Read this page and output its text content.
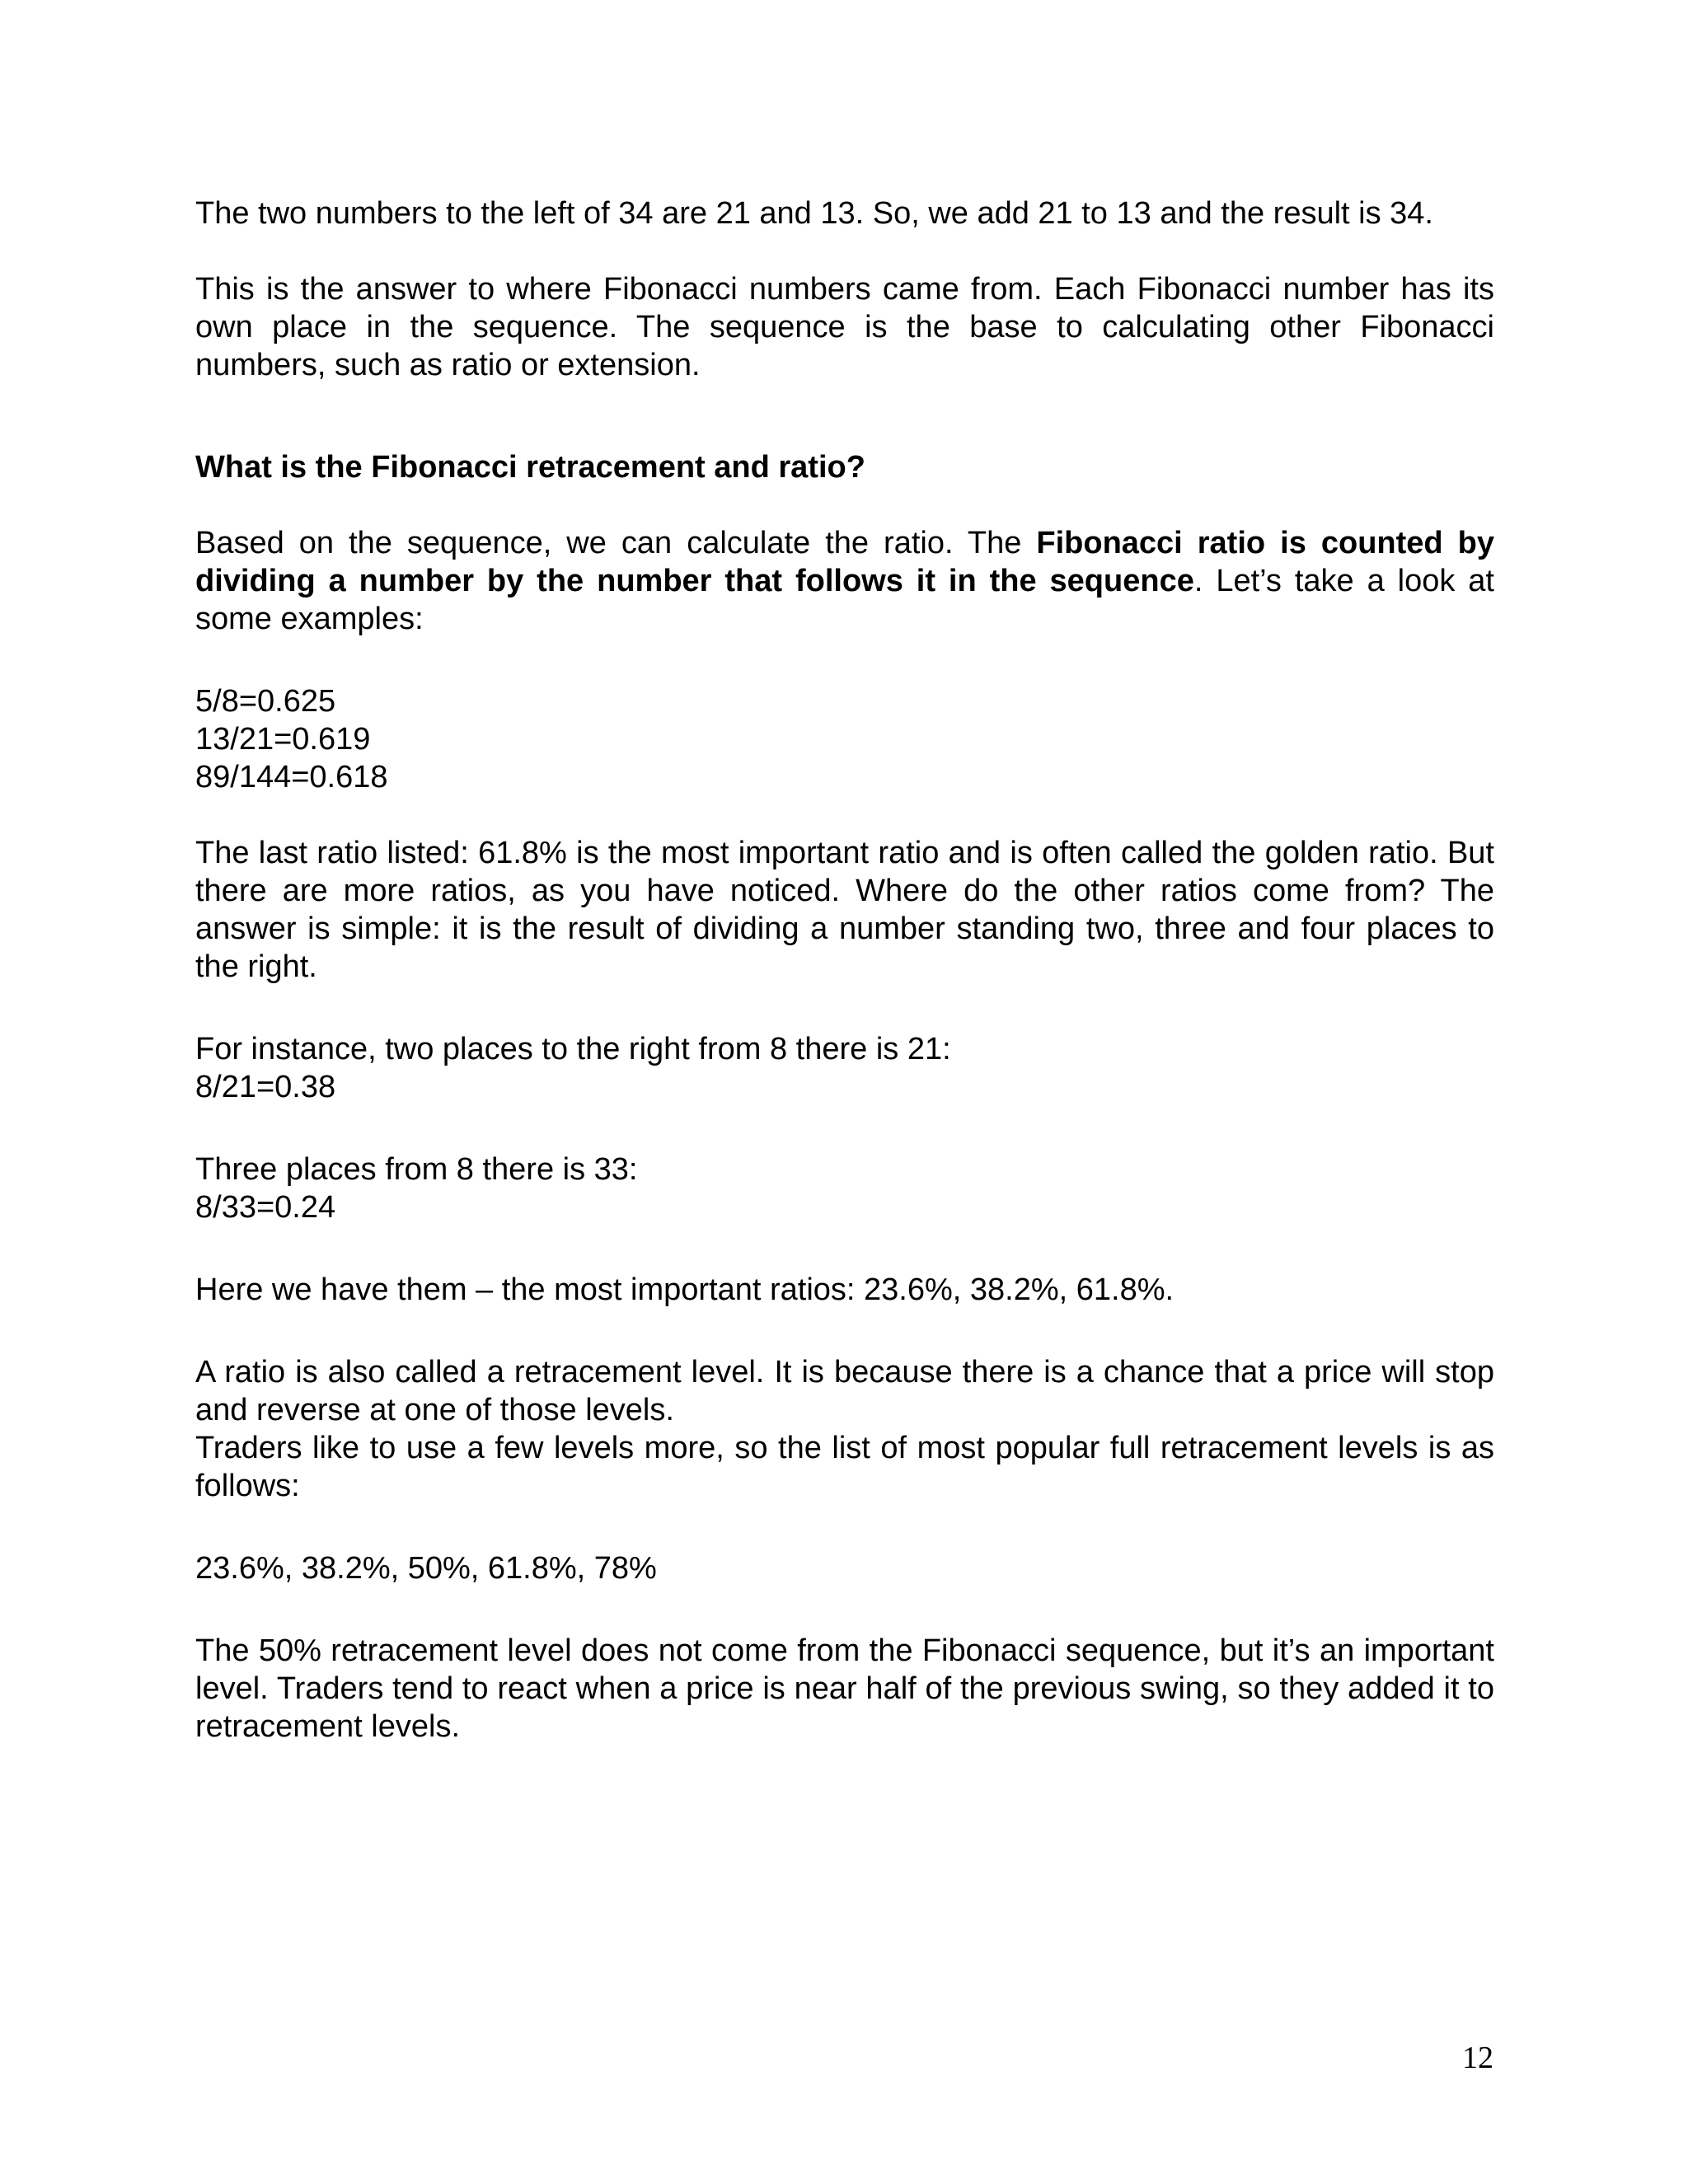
The two numbers to the left of 34 are 21 and 13. So, we add 21 to 13 and the result is 34.

This is the answer to where Fibonacci numbers came from. Each Fibonacci number has its own place in the sequence. The sequence is the base to calculating other Fibonacci numbers, such as ratio or extension.

What is the Fibonacci retracement and ratio?

Based on the sequence, we can calculate the ratio. The Fibonacci ratio is counted by dividing a number by the number that follows it in the sequence. Let’s take a look at some examples:

5/8=0.625
13/21=0.619
89/144=0.618

The last ratio listed: 61.8% is the most important ratio and is often called the golden ratio. But there are more ratios, as you have noticed. Where do the other ratios come from? The answer is simple: it is the result of dividing a number standing two, three and four places to the right.

For instance, two places to the right from 8 there is 21:
8/21=0.38
Three places from 8 there is 33:
8/33=0.24

Here we have them – the most important ratios: 23.6%, 38.2%, 61.8%.

A ratio is also called a retracement level. It is because there is a chance that a price will stop and reverse at one of those levels.

Traders like to use a few levels more, so the list of most popular full retracement levels is as follows:

23.6%, 38.2%, 50%, 61.8%, 78%

The 50% retracement level does not come from the Fibonacci sequence, but it’s an important level. Traders tend to react when a price is near half of the previous swing, so they added it to retracement levels.

12
